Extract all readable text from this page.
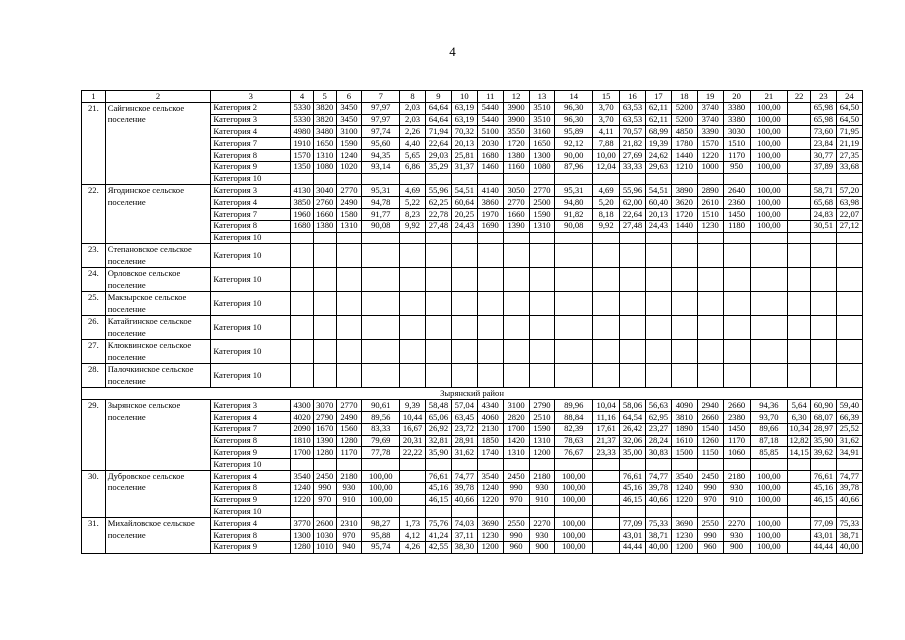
4
1	2	3	4	5	6	7	8	9	10	11	12	13	14	15	16	17	18	19	20	21	22	23	24
21.	Сайгинское сельское поселение	Категория 2	5330	3820	3450	97,97	2,03	64,64	63,19	5440	3900	3510	96,30	3,70	63,53	62,11	5200	3740	3380	100,00		65,98	64,50
		Категория 3	5330	3820	3450	97,97	2,03	64,64	63,19	5440	3900	3510	96,30	3,70	63,53	62,11	5200	3740	3380	100,00		65,98	64,50
		Категория 4	4980	3480	3100	97,74	2,26	71,94	70,32	5100	3550	3160	95,89	4,11	70,57	68,99	4850	3390	3030	100,00		73,60	71,95
		Категория 7	1910	1650	1590	95,60	4,40	22,64	20,13	2030	1720	1650	92,12	7,88	21,82	19,39	1780	1570	1510	100,00		23,84	21,19
		Категория 8	1570	1310	1240	94,35	5,65	29,03	25,81	1680	1380	1300	90,00	10,00	27,69	24,62	1440	1220	1170	100,00		30,77	27,35
		Категория 9	1350	1080	1020	93,14	6,86	35,29	31,37	1460	1160	1080	87,96	12,04	33,33	29,63	1210	1000	950	100,00		37,89	33,68
		Категория 10																					
22.	Ягодинское сельское поселение	Категория 3	4130	3040	2770	95,31	4,69	55,96	54,51	4140	3050	2770	95,31	4,69	55,96	54,51	3890	2890	2640	100,00		58,71	57,20
		Категория 4	3850	2760	2490	94,78	5,22	62,25	60,64	3860	2770	2500	94,80	5,20	62,00	60,40	3620	2610	2360	100,00		65,68	63,98
		Категория 7	1960	1660	1580	91,77	8,23	22,78	20,25	1970	1660	1590	91,82	8,18	22,64	20,13	1720	1510	1450	100,00		24,83	22,07
		Категория 8	1680	1380	1310	90,08	9,92	27,48	24,43	1690	1390	1310	90,08	9,92	27,48	24,43	1440	1230	1180	100,00		30,51	27,12
		Категория 10																					
23.	Степановское сельское поселение	Категория 10																					
24.	Орловское сельское поселение	Категория 10																					
25.	Макзырское сельское поселение	Категория 10																					
26.	Катайгинское сельское поселение	Категория 10																					
27.	Клюквинское сельское поселение	Категория 10																					
28.	Палочкинское сельское поселение	Категория 10																					
Зырянский район																							
29.	Зырянское сельское поселение	Категория 3	4300	3070	2770	90,61	9,39	58,48	57,04	4340	3100	2790	89,96	10,04	58,06	56,63	4090	2940	2660	94,36	5,64	60,90	59,40
		Категория 4	4020	2790	2490	89,56	10,44	65,06	63,45	4060	2820	2510	88,84	11,16	64,54	62,95	3810	2660	2380	93,70	6,30	68,07	66,39
		Категория 7	2090	1670	1560	83,33	16,67	26,92	23,72	2130	1700	1590	82,39	17,61	26,42	23,27	1890	1540	1450	89,66	10,34	28,97	25,52
		Категория 8	1810	1390	1280	79,69	20,31	32,81	28,91	1850	1420	1310	78,63	21,37	32,06	28,24	1610	1260	1170	87,18	12,82	35,90	31,62
		Категория 9	1700	1280	1170	77,78	22,22	35,90	31,62	1740	1310	1200	76,67	23,33	35,00	30,83	1500	1150	1060	85,85	14,15	39,62	34,91
		Категория 10																					
30.	Дубровское сельское поселение	Категория 4	3540	2450	2180	100,00		76,61	74,77	3540	2450	2180	100,00		76,61	74,77	3540	2450	2180	100,00		76,61	74,77
		Категория 8	1240	990	930	100,00		45,16	39,78	1240	990	930	100,00		45,16	39,78	1240	990	930	100,00		45,16	39,78
		Категория 9	1220	970	910	100,00		46,15	40,66	1220	970	910	100,00		46,15	40,66	1220	970	910	100,00		46,15	40,66
		Категория 10																					
31.	Михайловское сельское поселение	Категория 4	3770	2600	2310	98,27	1,73	75,76	74,03	3690	2550	2270	100,00		77,09	75,33	3690	2550	2270	100,00		77,09	75,33
		Категория 8	1300	1030	970	95,88	4,12	41,24	37,11	1230	990	930	100,00		43,01	38,71	1230	990	930	100,00		43,01	38,71
		Категория 9	1280	1010	940	95,74	4,26	42,55	38,30	1200	960	900	100,00		44,44	40,00	1200	960	900	100,00		44,44	40,00
